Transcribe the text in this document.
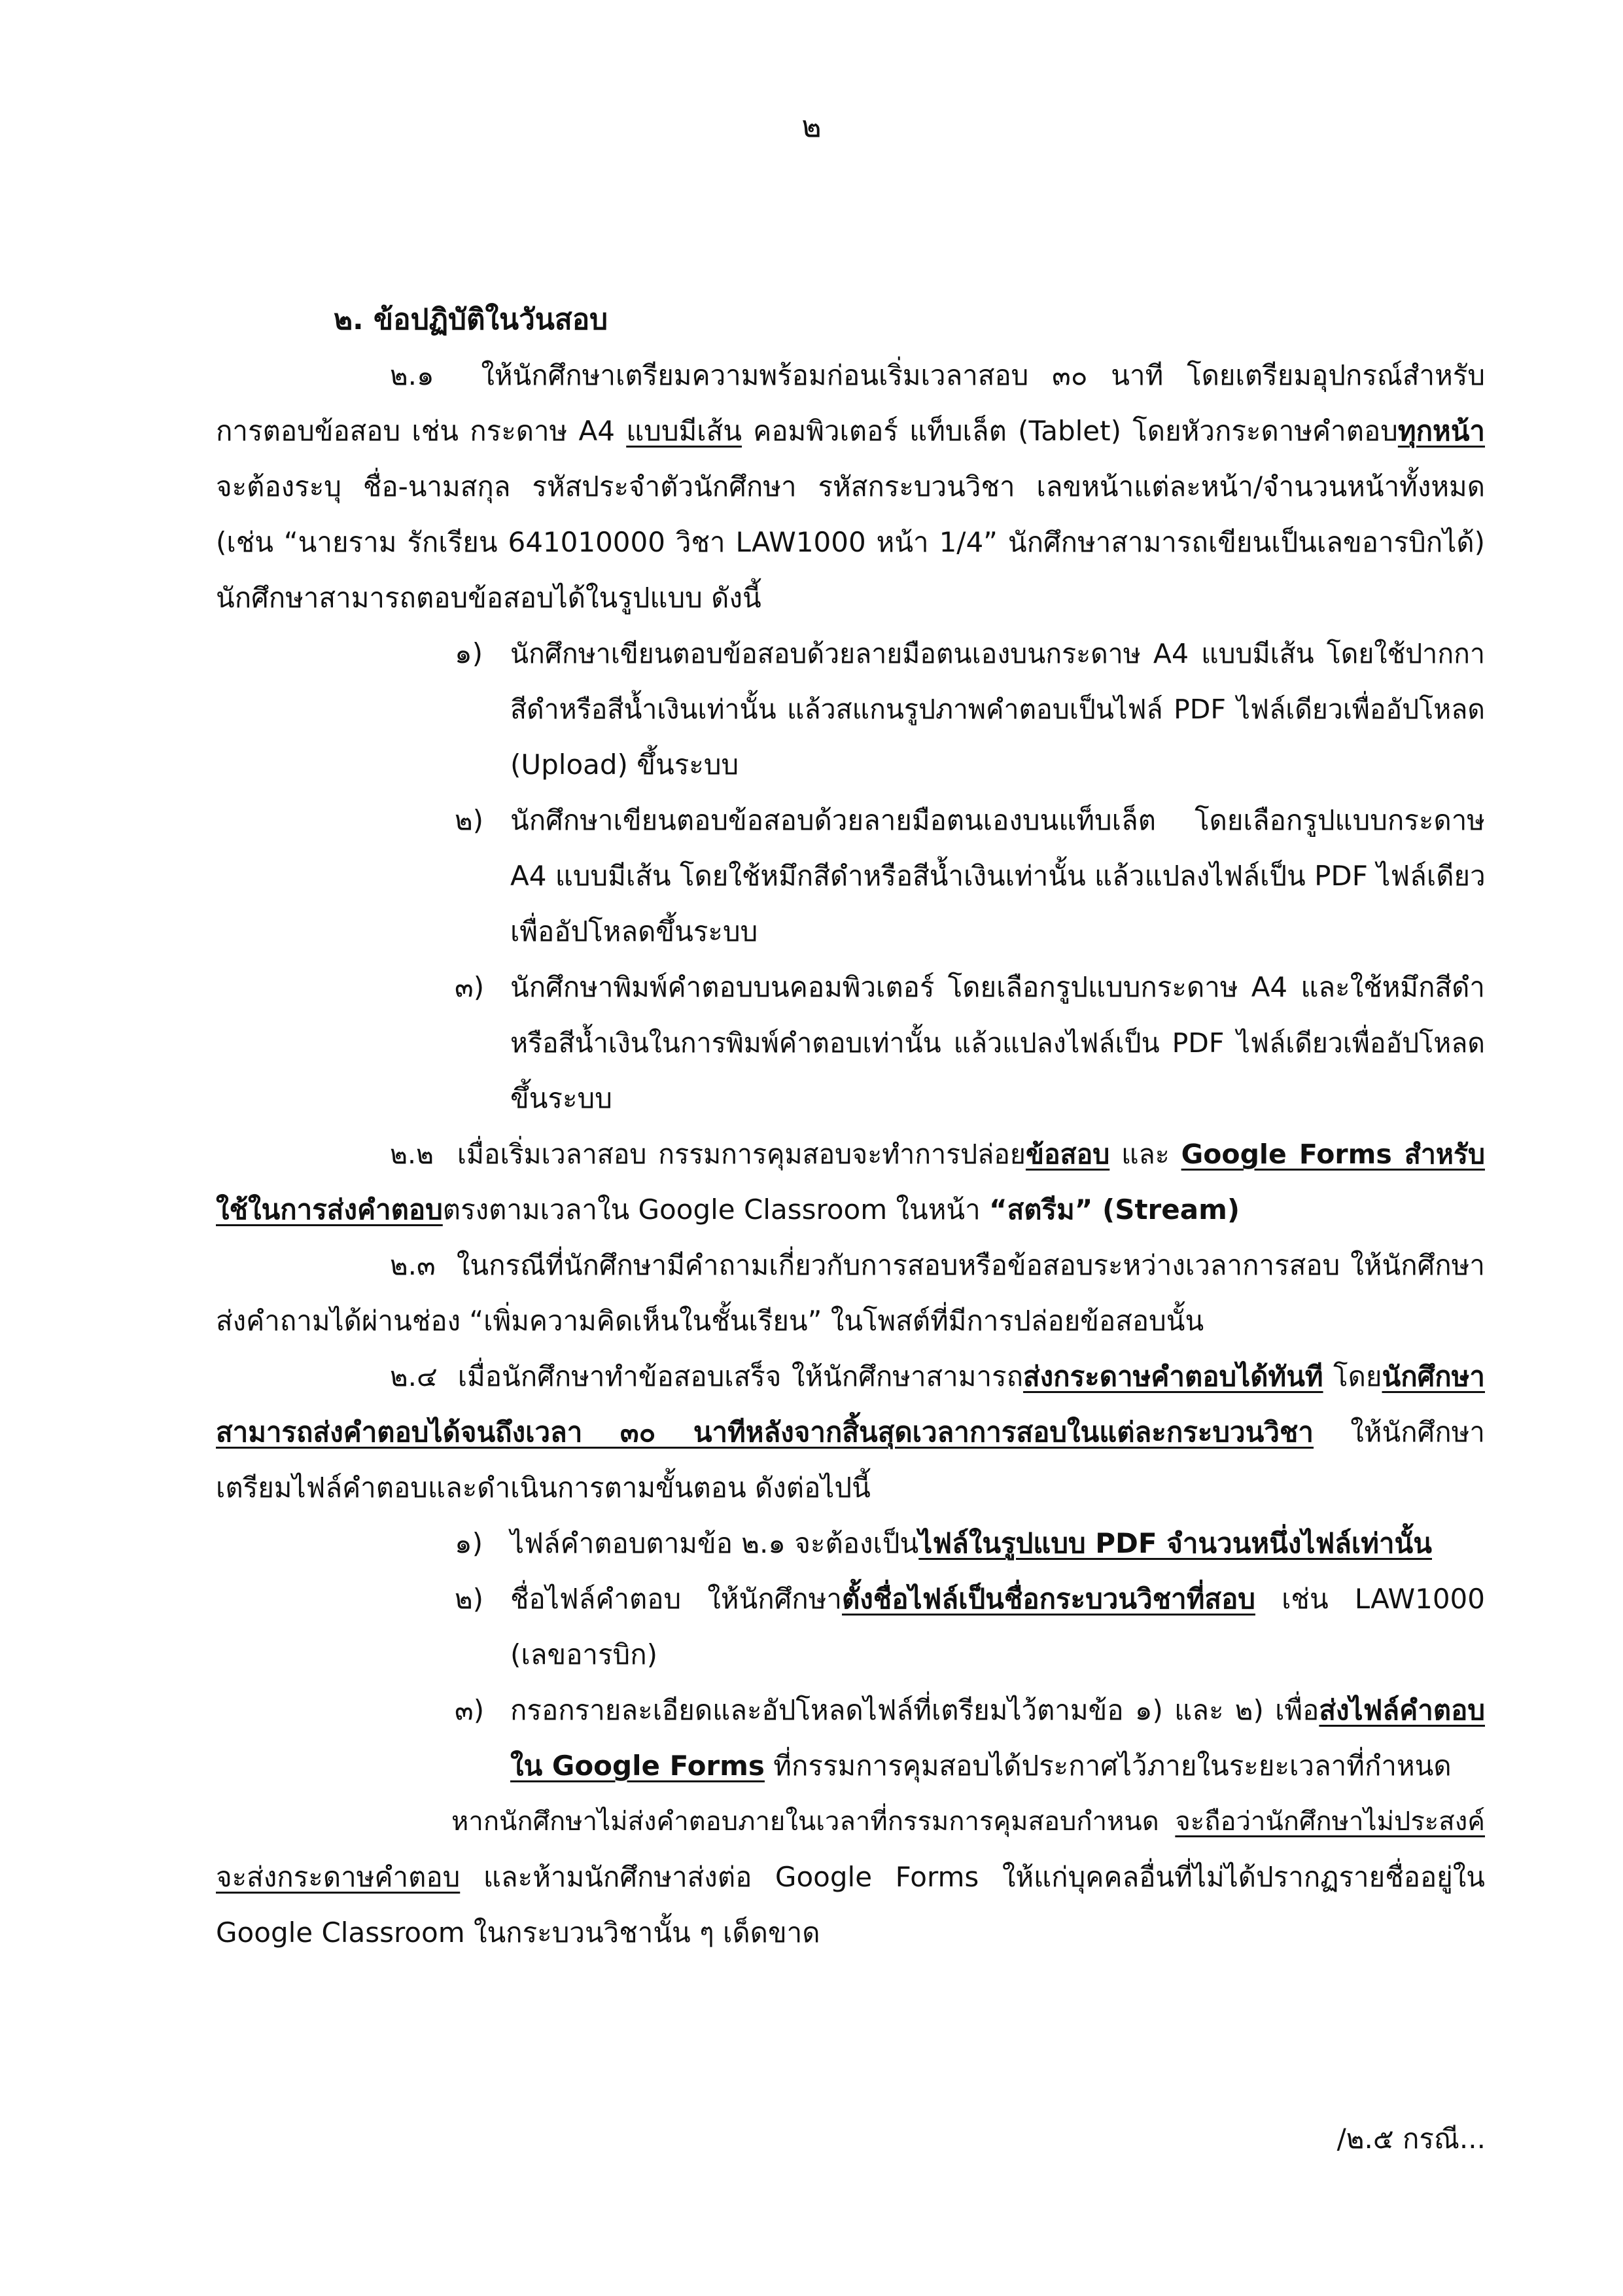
๒
๒. ข้อปฏิบัติในวันสอบ
๒.๑  ให้นักศึกษาเตรียมความพร้อมก่อนเริ่มเวลาสอบ ๓๐ นาที โดยเตรียมอุปกรณ์สำหรับ
การตอบข้อสอบ เช่น กระดาษ A4 แบบมีเส้น คอมพิวเตอร์ แท็บเล็ต (Tablet) โดยหัวกระดาษคำตอบทุกหน้า
จะต้องระบุ ชื่อ-นามสกุล รหัสประจำตัวนักศึกษา รหัสกระบวนวิชา เลขหน้าแต่ละหน้า/จำนวนหน้าทั้งหมด
(เช่น “นายราม รักเรียน 641010000 วิชา LAW1000 หน้า 1/4” นักศึกษาสามารถเขียนเป็นเลขอารบิกได้)
นักศึกษาสามารถตอบข้อสอบได้ในรูปแบบ ดังนี้
๑)	นักศึกษาเขียนตอบข้อสอบด้วยลายมือตนเองบนกระดาษ A4 แบบมีเส้น โดยใช้ปากกา
สีดำหรือสีน้ำเงินเท่านั้น แล้วสแกนรูปภาพคำตอบเป็นไฟล์ PDF ไฟล์เดียวเพื่ออัปโหลด
(Upload) ขึ้นระบบ
๒) นักศึกษาเขียนตอบข้อสอบด้วยลายมือตนเองบนแท็บเล็ต โดยเลือกรูปแบบกระดาษ
A4 แบบมีเส้น โดยใช้หมึกสีดำหรือสีน้ำเงินเท่านั้น แล้วแปลงไฟล์เป็น PDF ไฟล์เดียว
เพื่ออัปโหลดขึ้นระบบ
๓) นักศึกษาพิมพ์คำตอบบนคอมพิวเตอร์ โดยเลือกรูปแบบกระดาษ A4 และใช้หมึกสีดำ
หรือสีน้ำเงินในการพิมพ์คำตอบเท่านั้น แล้วแปลงไฟล์เป็น PDF ไฟล์เดียวเพื่ออัปโหลด
ขึ้นระบบ
๒.๒  เมื่อเริ่มเวลาสอบ กรรมการคุมสอบจะทำการปล่อยข้อสอบ และ Google Forms สำหรับ
ใช้ในการส่งคำตอบตรงตามเวลาใน Google Classroom ในหน้า “สตรีม” (Stream)
๒.๓  ในกรณีที่นักศึกษามีคำถามเกี่ยวกับการสอบหรือข้อสอบระหว่างเวลาการสอบ ให้นักศึกษา
ส่งคำถามได้ผ่านช่อง “เพิ่มความคิดเห็นในชั้นเรียน” ในโพสต์ที่มีการปล่อยข้อสอบนั้น
๒.๔  เมื่อนักศึกษาทำข้อสอบเสร็จ ให้นักศึกษาสามารถส่งกระดาษคำตอบได้ทันที โดยนักศึกษา
สามารถส่งคำตอบได้จนถึงเวลา ๓๐ นาทีหลังจากสิ้นสุดเวลาการสอบในแต่ละกระบวนวิชา ให้นักศึกษา
เตรียมไฟล์คำตอบและดำเนินการตามขั้นตอน ดังต่อไปนี้
๑) ไฟล์คำตอบตามข้อ ๒.๑ จะต้องเป็นไฟล์ในรูปแบบ PDF จำนวนหนึ่งไฟล์เท่านั้น
๒) ชื่อไฟล์คำตอบ ให้นักศึกษาตั้งชื่อไฟล์เป็นชื่อกระบวนวิชาที่สอบ เช่น LAW1000
(เลขอารบิก)
๓) กรอกรายละเอียดและอัปโหลดไฟล์ที่เตรียมไว้ตามข้อ ๑) และ ๒) เพื่อส่งไฟล์คำตอบ
ใน Google Forms ที่กรรมการคุมสอบได้ประกาศไว้ภายในระยะเวลาที่กำหนด
หากนักศึกษาไม่ส่งคำตอบภายในเวลาที่กรรมการคุมสอบกำหนด จะถือว่านักศึกษาไม่ประสงค์
จะส่งกระดาษคำตอบ และห้ามนักศึกษาส่งต่อ Google Forms ให้แก่บุคคลอื่นที่ไม่ได้ปรากฏรายชื่ออยู่ใน
Google Classroom ในกระบวนวิชานั้น ๆ เด็ดขาด
/๒.๕ กรณี...
